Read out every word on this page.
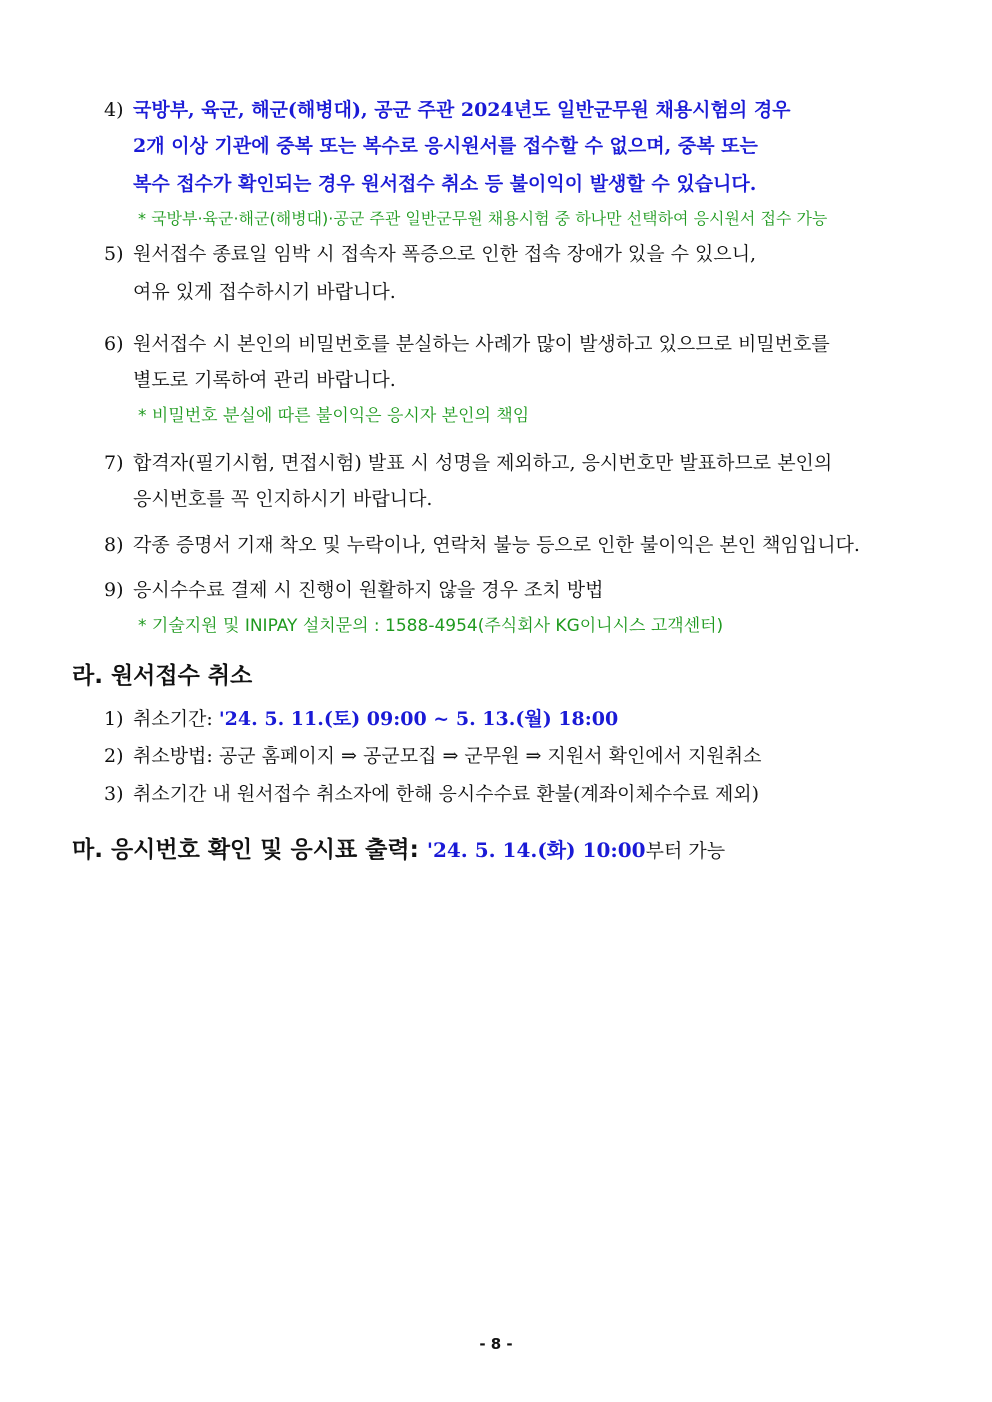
4) 국방부, 육군, 해군(해병대), 공군 주관 2024년도 일반군무원 채용시험의 경우
2개 이상 기관에 중복 또는 복수로 응시원서를 접수할 수 없으며, 중복 또는
복수 접수가 확인되는 경우 원서접수 취소 등 불이익이 발생할 수 있습니다.
* 국방부·육군·해군(해병대)·공군 주관 일반군무원 채용시험 중 하나만 선택하여 응시원서 접수 가능
5) 원서접수 종료일 임박 시 접속자 폭증으로 인한 접속 장애가 있을 수 있으니,
여유 있게 접수하시기 바랍니다.
6) 원서접수 시 본인의 비밀번호를 분실하는 사례가 많이 발생하고 있으므로 비밀번호를
별도로 기록하여 관리 바랍니다.
* 비밀번호 분실에 따른 불이익은 응시자 본인의 책임
7) 합격자(필기시험, 면접시험) 발표 시 성명을 제외하고, 응시번호만 발표하므로 본인의
응시번호를 꼭 인지하시기 바랍니다.
8) 각종 증명서 기재 착오 및 누락이나, 연락처 불능 등으로 인한 불이익은 본인 책임입니다.
9) 응시수수료 결제 시 진행이 원활하지 않을 경우 조치 방법
* 기술지원 및 INIPAY 설치문의 : 1588-4954(주식회사 KG이니시스 고객센터)
라. 원서접수 취소
1) 취소기간: '24. 5. 11.(토) 09:00 ~ 5. 13.(월) 18:00
2) 취소방법: 공군 홈페이지 ⇒ 공군모집 ⇒ 군무원 ⇒ 지원서 확인에서 지원취소
3) 취소기간 내 원서접수 취소자에 한해 응시수수료 환불(계좌이체수수료 제외)
마. 응시번호 확인 및 응시표 출력: '24. 5. 14.(화) 10:00부터 가능
- 8 -
